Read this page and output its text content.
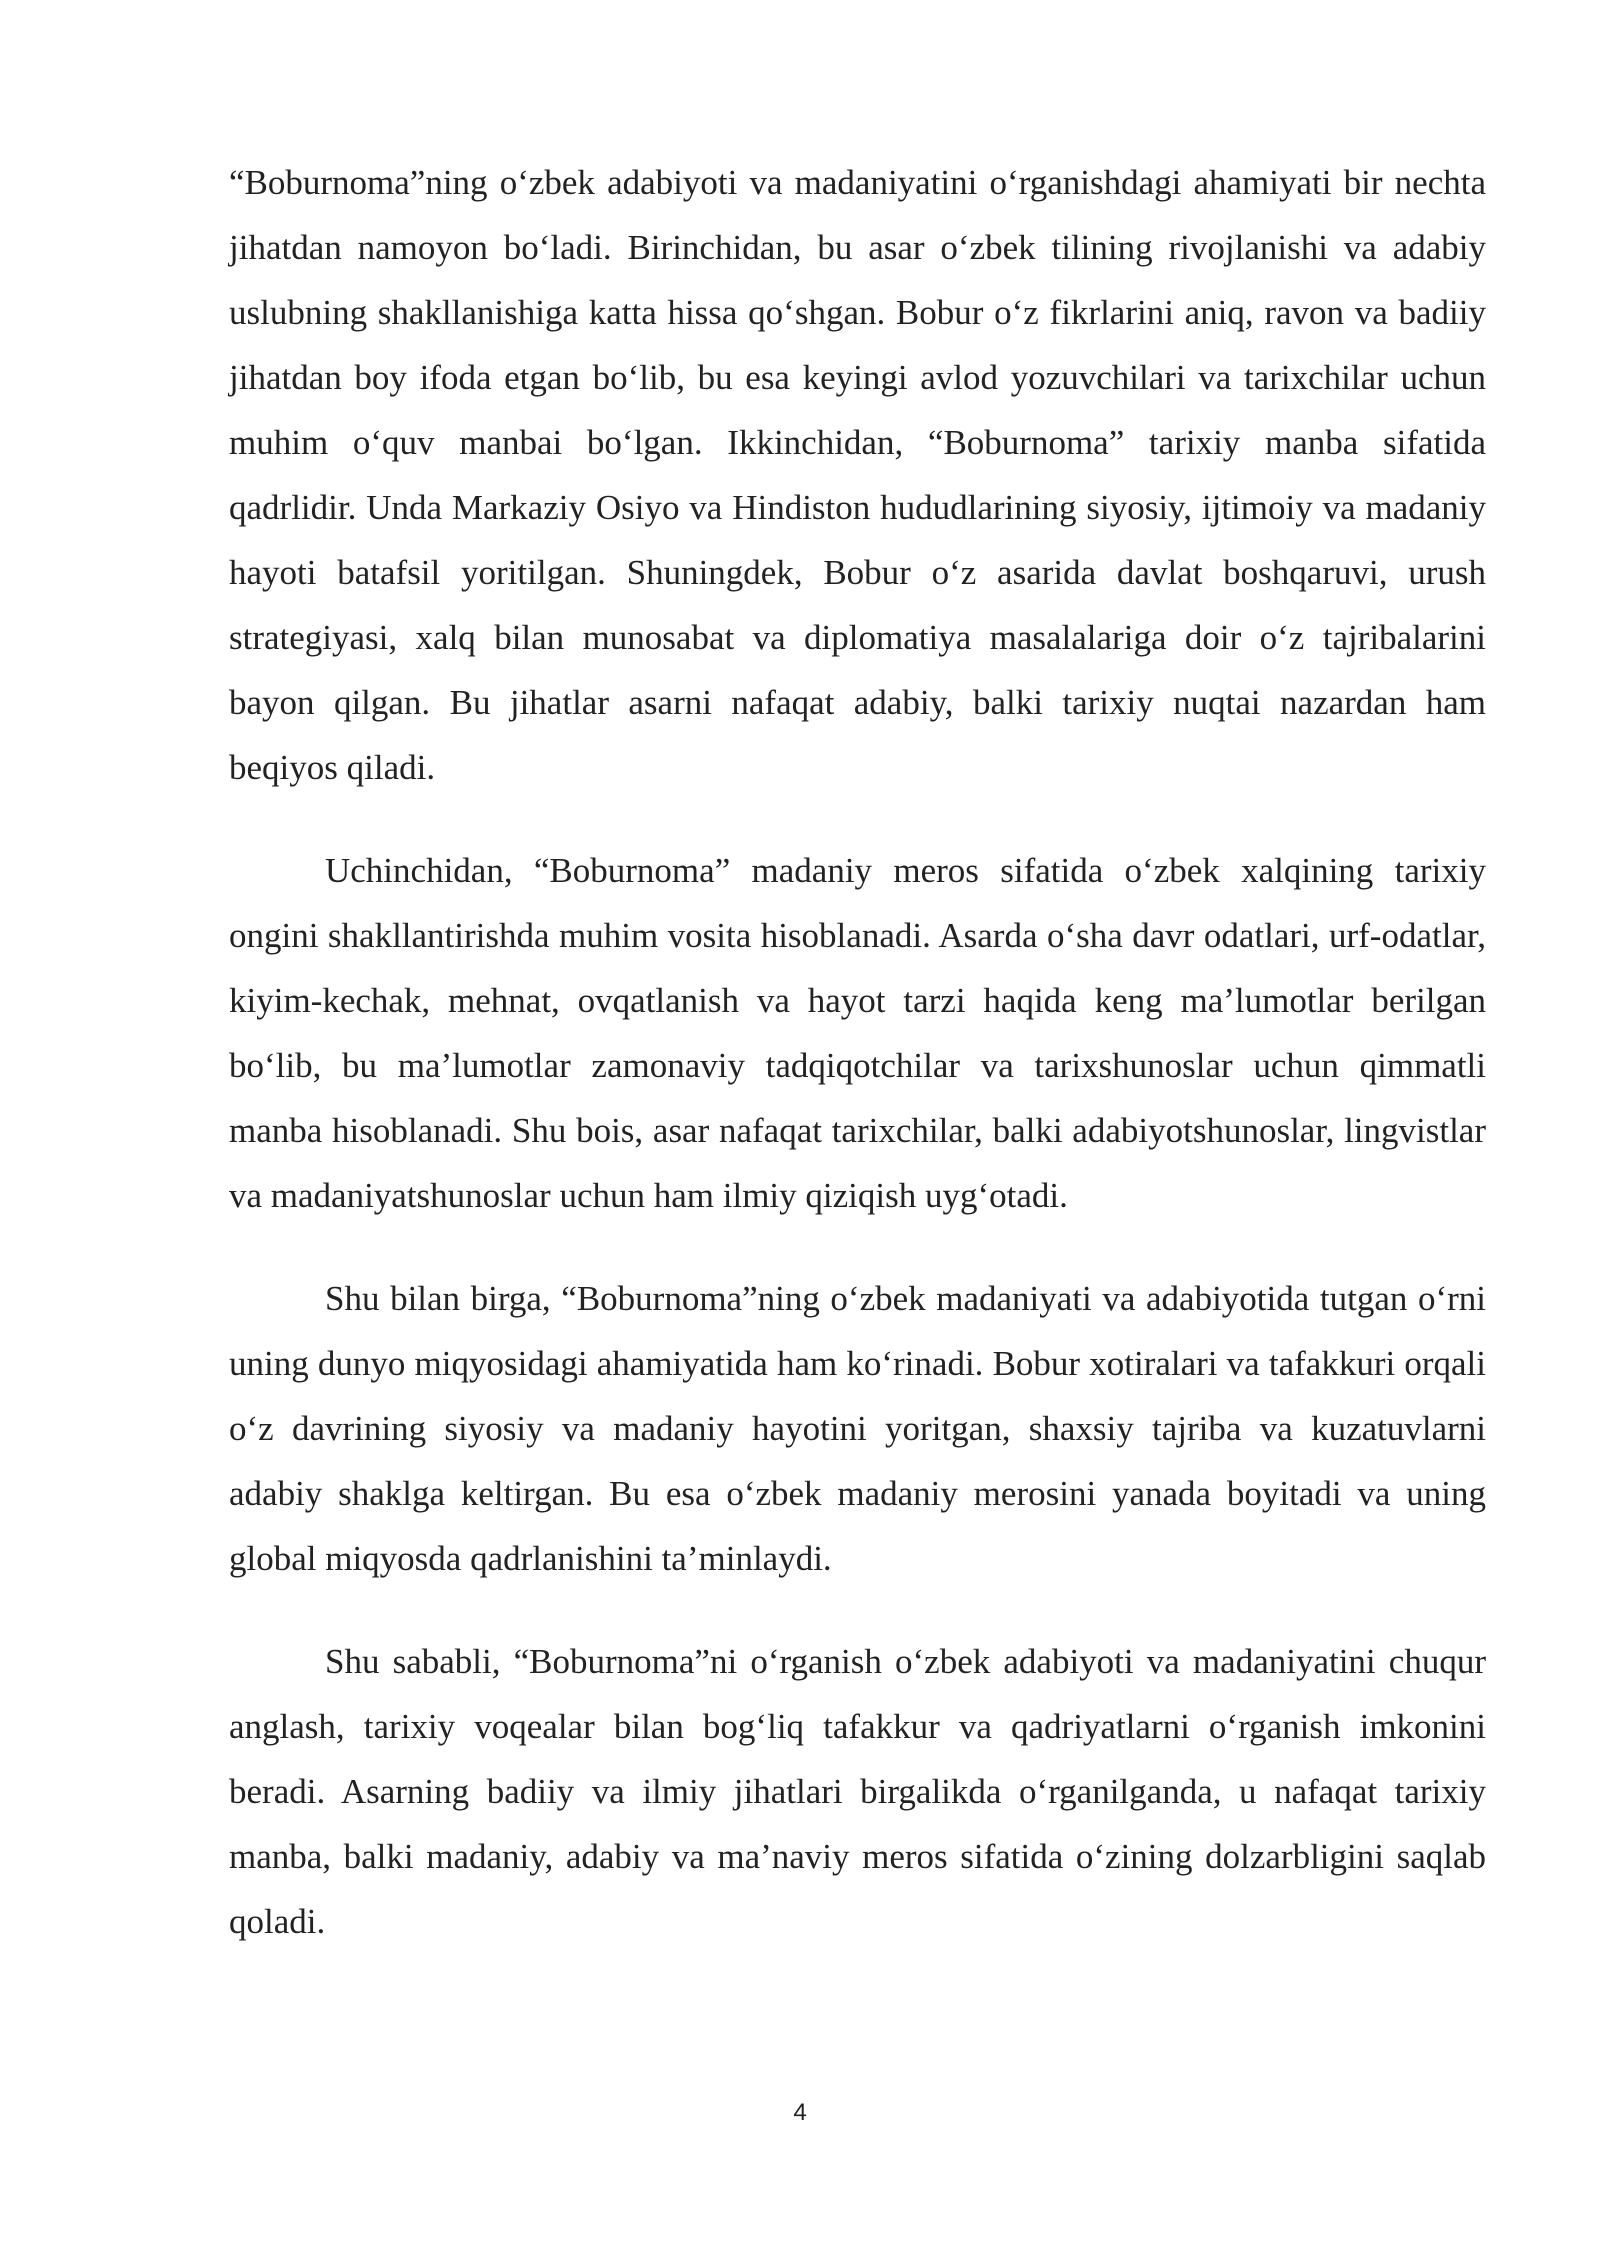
“Boburnoma”ning o‘zbek adabiyoti va madaniyatini o‘rganishdagi ahamiyati bir nechta jihatdan namoyon bo‘ladi. Birinchidan, bu asar o‘zbek tilining rivojlanishi va adabiy uslubning shakllanishiga katta hissa qo‘shgan. Bobur o‘z fikrlarini aniq, ravon va badiiy jihatdan boy ifoda etgan bo‘lib, bu esa keyingi avlod yozuvchilari va tarixchilar uchun muhim o‘quv manbai bo‘lgan. Ikkinchidan, “Boburnoma” tarixiy manba sifatida qadrlidir. Unda Markaziy Osiyo va Hindiston hududlarining siyosiy, ijtimoiy va madaniy hayoti batafsil yoritilgan. Shuningdek, Bobur o‘z asarida davlat boshqaruvi, urush strategiyasi, xalq bilan munosabat va diplomatiya masalalariga doir o‘z tajribalarini bayon qilgan. Bu jihatlar asarni nafaqat adabiy, balki tarixiy nuqtai nazardan ham beqiyos qiladi.

Uchinchidan, “Boburnoma” madaniy meros sifatida o‘zbek xalqining tarixiy ongini shakllantirishda muhim vosita hisoblanadi. Asarda o‘sha davr odatlari, urf-odatlar, kiyim-kechak, mehnat, ovqatlanish va hayot tarzi haqida keng ma’lumotlar berilgan bo‘lib, bu ma’lumotlar zamonaviy tadqiqotchilar va tarixshunoslar uchun qimmatli manba hisoblanadi. Shu bois, asar nafaqat tarixchilar, balki adabiyotshunoslar, lingvistlar va madaniyatshunoslar uchun ham ilmiy qiziqish uyg‘otadi.

Shu bilan birga, “Boburnoma”ning o‘zbek madaniyati va adabiyotida tutgan o‘rni uning dunyo miqyosidagi ahamiyatida ham ko‘rinadi. Bobur xotiralari va tafakkuri orqali o‘z davrining siyosiy va madaniy hayotini yoritgan, shaxsiy tajriba va kuzatuvlarni adabiy shaklga keltirgan. Bu esa o‘zbek madaniy merosini yanada boyitadi va uning global miqyosda qadrlanishini ta’minlaydi.

Shu sababli, “Boburnoma”ni o‘rganish o‘zbek adabiyoti va madaniyatini chuqur anglash, tarixiy voqealar bilan bog‘liq tafakkur va qadriyatlarni o‘rganish imkonini beradi. Asarning badiiy va ilmiy jihatlari birgalikda o‘rganilganda, u nafaqat tarixiy manba, balki madaniy, adabiy va ma’naviy meros sifatida o‘zining dolzarbligini saqlab qoladi.

4
